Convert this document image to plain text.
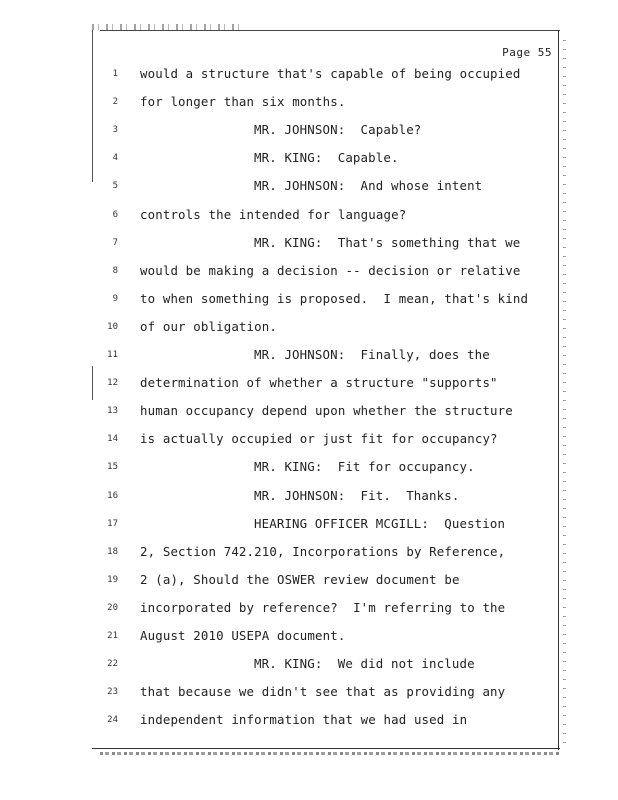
Page 55
1 would a structure that's capable of being occupied
2 for longer than six months.
3	MR. JOHNSON:  Capable?
4	MR. KING:  Capable.
5	MR. JOHNSON:  And whose intent
6 controls the intended for language?
7	MR. KING:  That's something that we
8 would be making a decision -- decision or relative
9 to when something is proposed.  I mean, that's kind
10 of our obligation.
11	MR. JOHNSON:  Finally, does the
12 determination of whether a structure "supports"
13 human occupancy depend upon whether the structure
14 is actually occupied or just fit for occupancy?
15	MR. KING:  Fit for occupancy.
16	MR. JOHNSON:  Fit.  Thanks.
17	HEARING OFFICER MCGILL:  Question
18 2, Section 742.210, Incorporations by Reference,
19 2 (a), Should the OSWER review document be
20 incorporated by reference?  I'm referring to the
21 August 2010 USEPA document.
22	MR. KING:  We did not include
23 that because we didn't see that as providing any
24 independent information that we had used in
